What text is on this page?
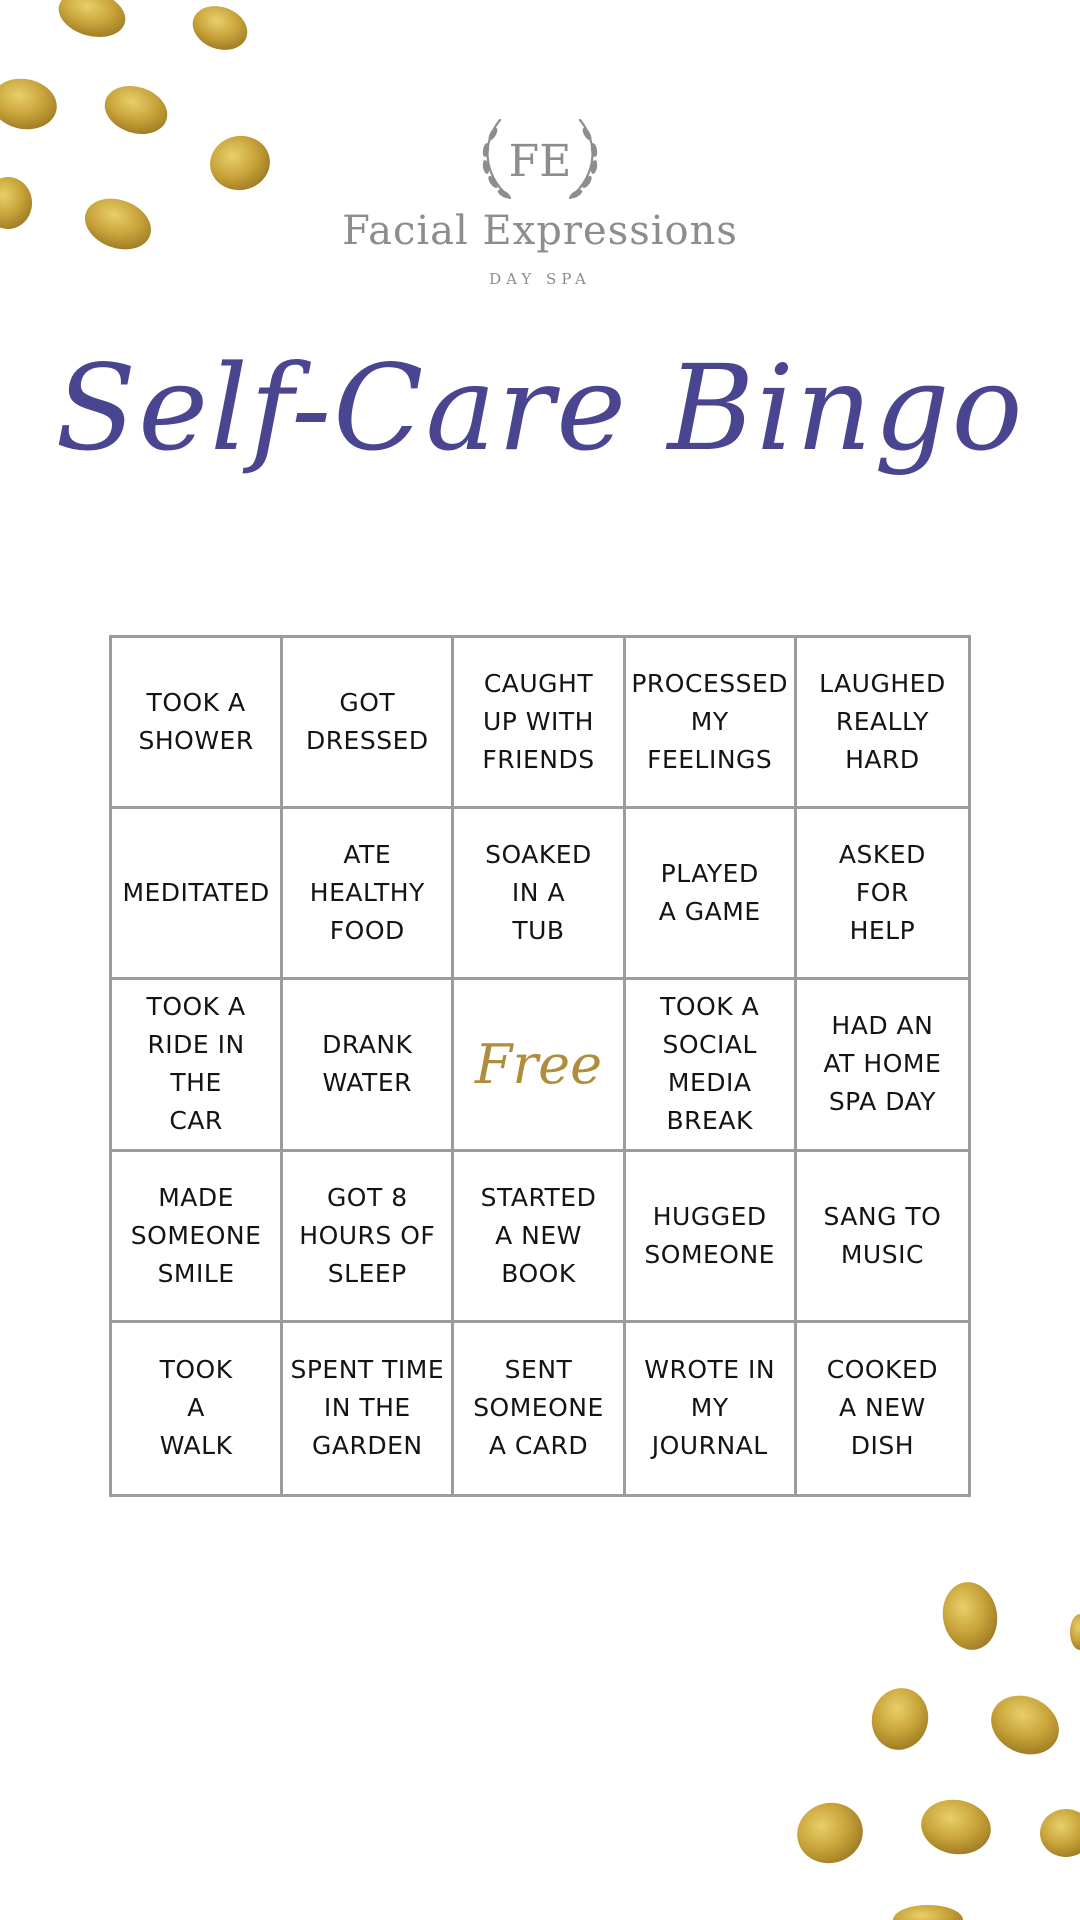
FE

Facial Expressions

DAY SPA

Self-Care Bingo
TOOK A
SHOWER
GOT
DRESSED
CAUGHT
UP WITH
FRIENDS
PROCESSED
MY
FEELINGS
LAUGHED
REALLY
HARD
MEDITATED
ATE
HEALTHY
FOOD
SOAKED
IN A
TUB
PLAYED
A GAME
ASKED
FOR
HELP
TOOK A
RIDE IN THE
CAR
DRANK
WATER Free
TOOK A
SOCIAL
MEDIA
BREAK
HAD AN
AT HOME
SPA DAY
MADE
SOMEONE
SMILE
GOT 8
HOURS OF
SLEEP
STARTED
A NEW
BOOK
HUGGED
SOMEONE
SANG TO
MUSIC
TOOK
A
WALK
SPENT TIME
IN THE
GARDEN
SENT
SOMEONE
A CARD
WROTE IN
MY
JOURNAL
COOKED
A NEW
DISH
